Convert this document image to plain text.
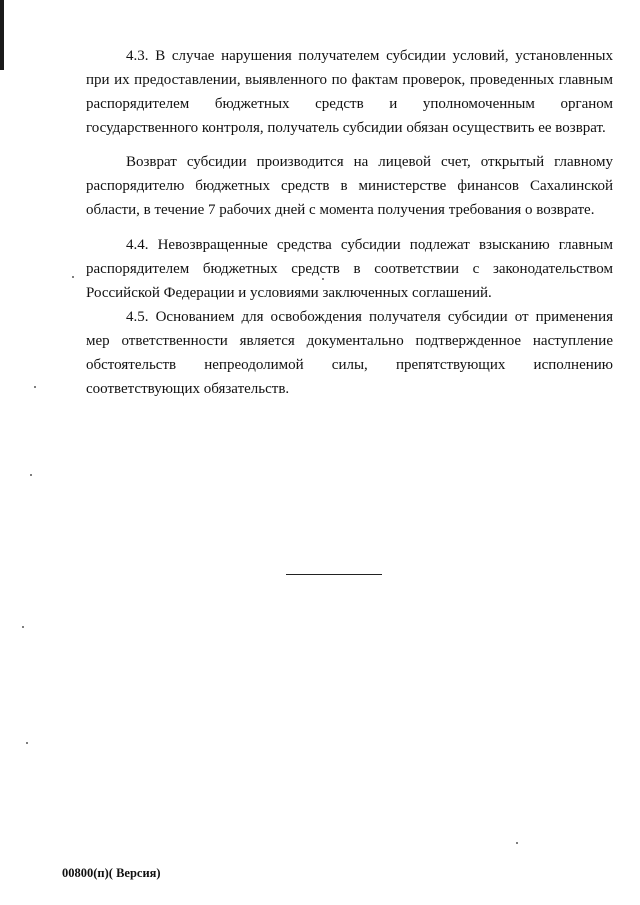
4.3. В случае нарушения получателем субсидии условий, установленных при их предоставлении, выявленного по фактам проверок, проведенных главным распорядителем бюджетных средств и уполномоченным органом государственного контроля, получатель субсидии обязан осуществить ее возврат.

Возврат субсидии производится на лицевой счет, открытый главному распорядителю бюджетных средств в министерстве финансов Сахалинской области, в течение 7 рабочих дней с момента получения требования о возврате.

4.4. Невозвращенные средства субсидии подлежат взысканию главным распорядителем бюджетных средств в соответствии с законодательством Российской Федерации и условиями заключенных соглашений.

4.5. Основанием для освобождения получателя субсидии от применения мер ответственности является документально подтвержденное наступление обстоятельств непреодолимой силы, препятствующих исполнению соответствующих обязательств.

00800(п)( Версия)
